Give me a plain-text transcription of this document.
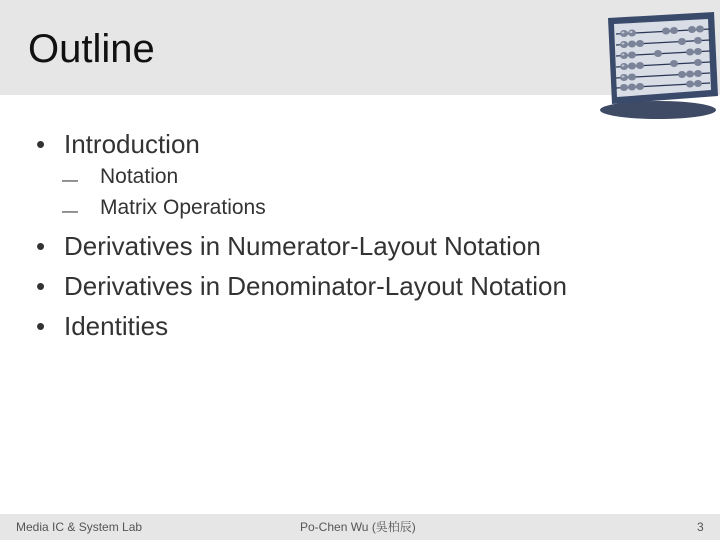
Outline
• Introduction
— Notation
— Matrix Operations
• Derivatives in Numerator-Layout Notation
• Derivatives in Denominator-Layout Notation
• Identities
Media IC & System Lab	Po-Chen Wu (吳柏辰)	3
